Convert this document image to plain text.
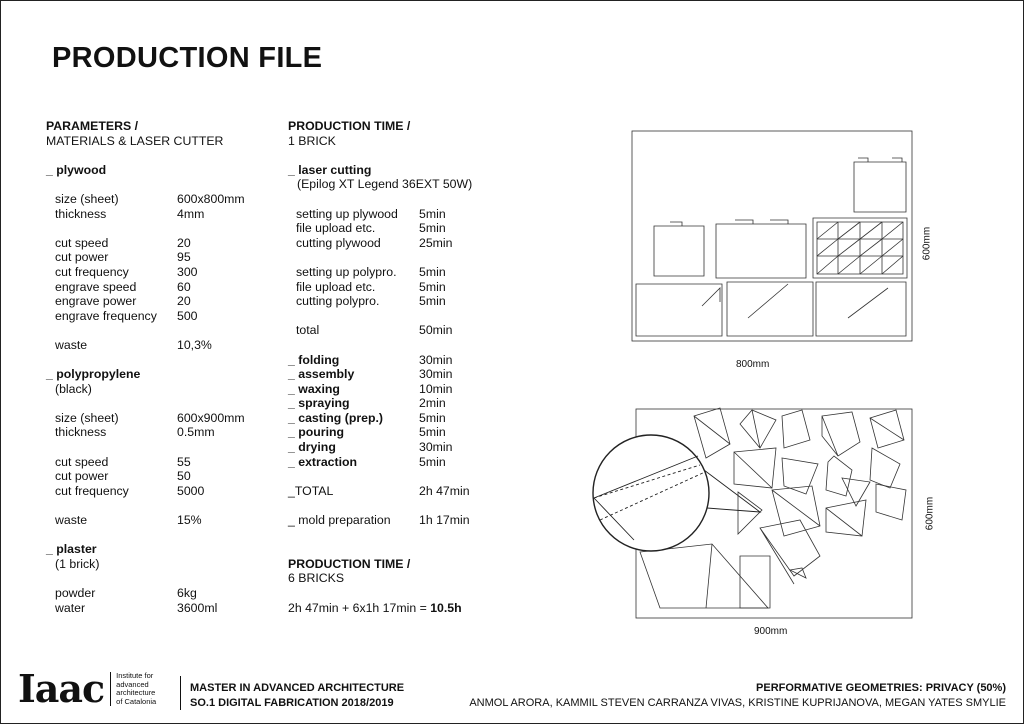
PRODUCTION FILE
PARAMETERS /
MATERIALS & LASER CUTTER
_ plywood
size (sheet)	600x800mm
thickness	4mm
cut speed	20
cut power	95
cut frequency	300
engrave speed	60
engrave power	20
engrave frequency	500
waste	10,3%
_ polypropylene
(black)
size (sheet)	600x900mm
thickness	0.5mm
cut speed	55
cut power	50
cut frequency	5000
waste	15%
_ plaster
(1 brick)
powder	6kg
water	3600ml
PRODUCTION TIME /
1 BRICK
_ laser cutting
(Epilog XT Legend 36EXT 50W)
setting up plywood	5min
file upload etc.	5min
cutting plywood	25min
setting up polypro.	5min
file upload etc.	5min
cutting polypro.	5min
total	50min
_ folding	30min
_ assembly	30min
_ waxing	10min
_ spraying	2min
_ casting (prep.)	5min
_ pouring	5min
_ drying	30min
_ extraction	5min
_TOTAL	2h 47min
_ mold preparation	1h 17min
PRODUCTION TIME /
6 BRICKS
2h 47min + 6x1h 17min = 10.5h
800mm
600mm
900mm
600mm
Iaac Institute for
advanced
architecture
of Catalonia
MASTER IN ADVANCED ARCHITECTURE
SO.1 DIGITAL FABRICATION 2018/2019
PERFORMATIVE GEOMETRIES: PRIVACY (50%)
ANMOL ARORA, KAMMIL STEVEN CARRANZA VIVAS, KRISTINE KUPRIJANOVA, MEGAN YATES SMYLIE
